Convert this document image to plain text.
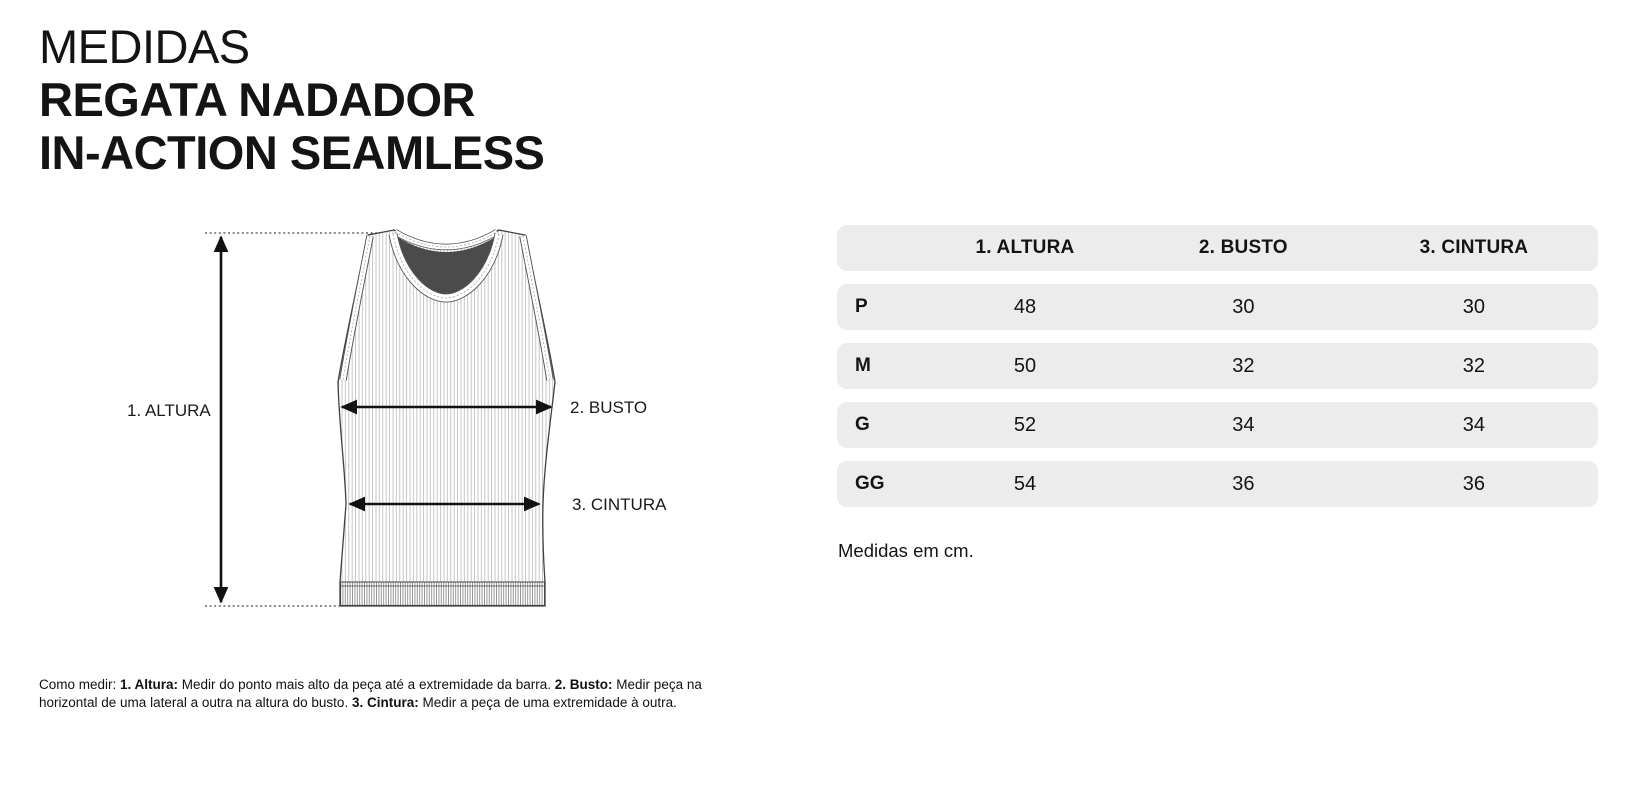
MEDIDAS
REGATA NADADOR
IN-ACTION SEAMLESS
1. ALTURA	2. BUSTO
3. CINTURA
1. ALTURA	2. BUSTO	3. CINTURA
P	48	30	30
M	50	32	32
G	52	34	34
GG	54	36	36
Medidas em cm.

Como medir: 1. Altura: Medir do ponto mais alto da peça até a extremidade da barra. 2. Busto: Medir peça na horizontal de uma lateral a outra na altura do busto. 3. Cintura: Medir a peça de uma extremidade à outra.
